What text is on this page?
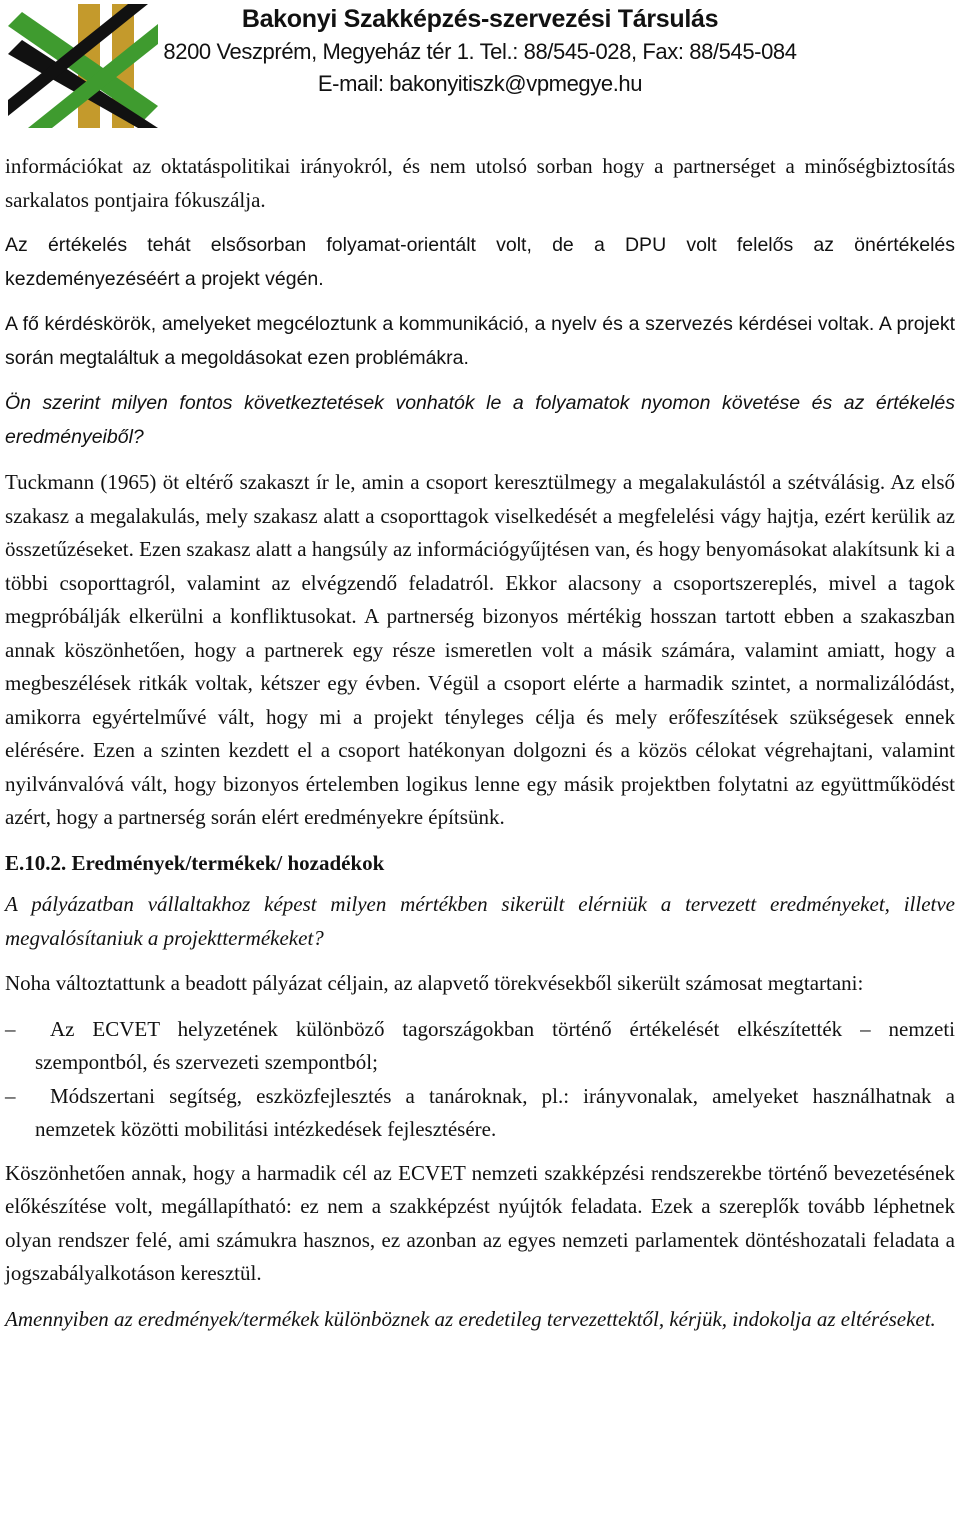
Bakonyi Szakképzés-szervezési Társulás
8200 Veszprém, Megyeház tér 1. Tel.: 88/545-028, Fax: 88/545-084
E-mail: bakonyitiszk@vpmegye.hu

információkat az oktatáspolitikai irányokról, és nem utolsó sorban hogy a partnerséget a minőségbiztosítás sarkalatos pontjaira fókuszálja.

Az értékelés tehát elsősorban folyamat-orientált volt, de a DPU volt felelős az önértékelés kezdeményezéséért a projekt végén.

A fő kérdéskörök, amelyeket megcéloztunk a kommunikáció, a nyelv és a szervezés kérdései voltak. A projekt során megtaláltuk a megoldásokat ezen problémákra.

Ön szerint milyen fontos következtetések vonhatók le a folyamatok nyomon követése és az értékelés eredményeiből?

Tuckmann (1965) öt eltérő szakaszt ír le, amin a csoport keresztülmegy a megalakulástól a szétválásig. Az első szakasz a megalakulás, mely szakasz alatt a csoporttagok viselkedését a megfelelési vágy hajtja, ezért kerülik az összetűzéseket. Ezen szakasz alatt a hangsúly az információgyűjtésen van, és hogy benyomásokat alakítsunk ki a többi csoporttagról, valamint az elvégzendő feladatról. Ekkor alacsony a csoportszereplés, mivel a tagok megpróbálják elkerülni a konfliktusokat. A partnerség bizonyos mértékig hosszan tartott ebben a szakaszban annak köszönhetően, hogy a partnerek egy része ismeretlen volt a másik számára, valamint amiatt, hogy a megbeszélések ritkák voltak, kétszer egy évben. Végül a csoport elérte a harmadik szintet, a normalizálódást, amikorra egyértelművé vált, hogy mi a projekt tényleges célja és mely erőfeszítések szükségesek ennek elérésére. Ezen a szinten kezdett el a csoport hatékonyan dolgozni és a közös célokat végrehajtani, valamint nyilvánvalóvá vált, hogy bizonyos értelemben logikus lenne egy másik projektben folytatni az együttműködést azért, hogy a partnerség során elért eredményekre építsünk.

E.10.2. Eredmények/termékek/ hozadékok

A pályázatban vállaltakhoz képest milyen mértékben sikerült elérniük a tervezett eredményeket, illetve megvalósítaniuk a projekttermékeket?

Noha változtattunk a beadott pályázat céljain, az alapvető törekvésekből sikerült számosat megtartani:

– Az ECVET helyzetének különböző tagországokban történő értékelését elkészítették – nemzeti szempontból, és szervezeti szempontból;
– Módszertani segítség, eszközfejlesztés a tanároknak, pl.: irányvonalak, amelyeket használhatnak a nemzetek közötti mobilitási intézkedések fejlesztésére.

Köszönhetően annak, hogy a harmadik cél az ECVET nemzeti szakképzési rendszerekbe történő bevezetésének előkészítése volt, megállapítható: ez nem a szakképzést nyújtók feladata. Ezek a szereplők tovább léphetnek olyan rendszer felé, ami számukra hasznos, ez azonban az egyes nemzeti parlamentek döntéshozatali feladata a jogszabályalkotáson keresztül.

Amennyiben az eredmények/termékek különböznek az eredetileg tervezettektől, kérjük, indokolja az eltéréseket.
